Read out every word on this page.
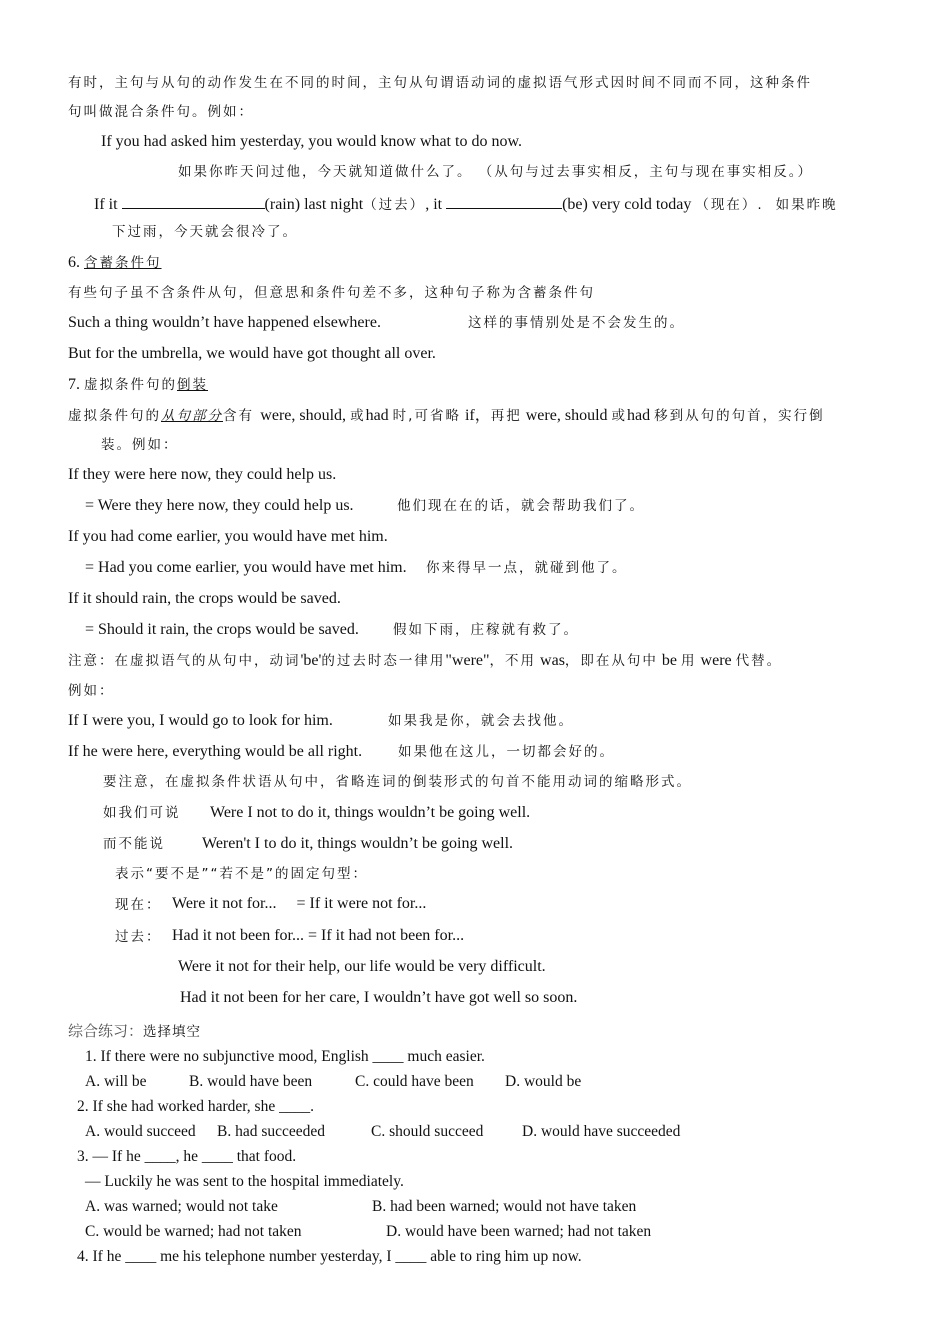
有时，主句与从句的动作发生在不同的时间，主句从句谓语动词的虚拟语气形式因时间不同而不同，这种条件
句叫做混合条件句。例如：
If you had asked him yesterday, you would know what to do now.
如果你昨天问过他，今天就知道做什么了。 （从句与过去事实相反，主句与现在事实相反。）
If it	(rain) last night（过去）, it	(be) very cold today （现在）. 如果昨晚
下过雨，今天就会很冷了。
6. 含蓄条件句
有些句子虽不含条件从句，但意思和条件句差不多，这种句子称为含蓄条件句
Such a thing wouldn’t have happened elsewhere.	这样的事情别处是不会发生的。
But for the umbrella, we would have got thought all over.
7. 虚拟条件句的倒装
虚拟条件句的从句部分含有 were, should, 或had 时,可省略 if，再把 were, should 或had 移到从句的句首，实行倒
装。例如：
If they were here now, they could help us.
= Were they here now, they could help us.	他们现在在的话，就会帮助我们了。
If you had come earlier, you would have met him.
= Had you come earlier, you would have met him. 你来得早一点，就碰到他了。
If it should rain, the crops would be saved.
= Should it rain, the crops would be saved.	假如下雨，庄稼就有救了。
注意：在虚拟语气的从句中，动词'be'的过去时态一律用"were"，不用 was，即在从句中 be 用 were 代替。
例如：
If I were you, I would go to look for him.	如果我是你，就会去找他。
If he were here, everything would be all right.	如果他在这儿，一切都会好的。
要注意，在虚拟条件状语从句中，省略连词的倒装形式的句首不能用动词的缩略形式。
如我们可说 Were I not to do it, things wouldn’t be going well.
而不能说 Weren't I to do it, things wouldn’t be going well.
表示“要不是”“若不是”的固定句型：
现在： Were it not for...     = If it were not for...
过去： Had it not been for... = If it had not been for...
Were it not for their help, our life would be very difficult.
Had it not been for her care, I wouldn’t have got well so soon.
综合练习：选择填空
1. If there were no subjunctive mood, English ____ much easier.
A. will be	B. would have been	C. could have been D. would be
2. If she had worked harder, she ____.
A. would succeed B. had succeeded	C. should succeed D. would have succeeded
3. — If he ____, he ____ that food.
— Luckily he was sent to the hospital immediately.
A. was warned; would not take	B. had been warned; would not have taken
C. would be warned; had not taken	D. would have been warned; had not taken
4. If he ____ me his telephone number yesterday, I ____ able to ring him up now.
